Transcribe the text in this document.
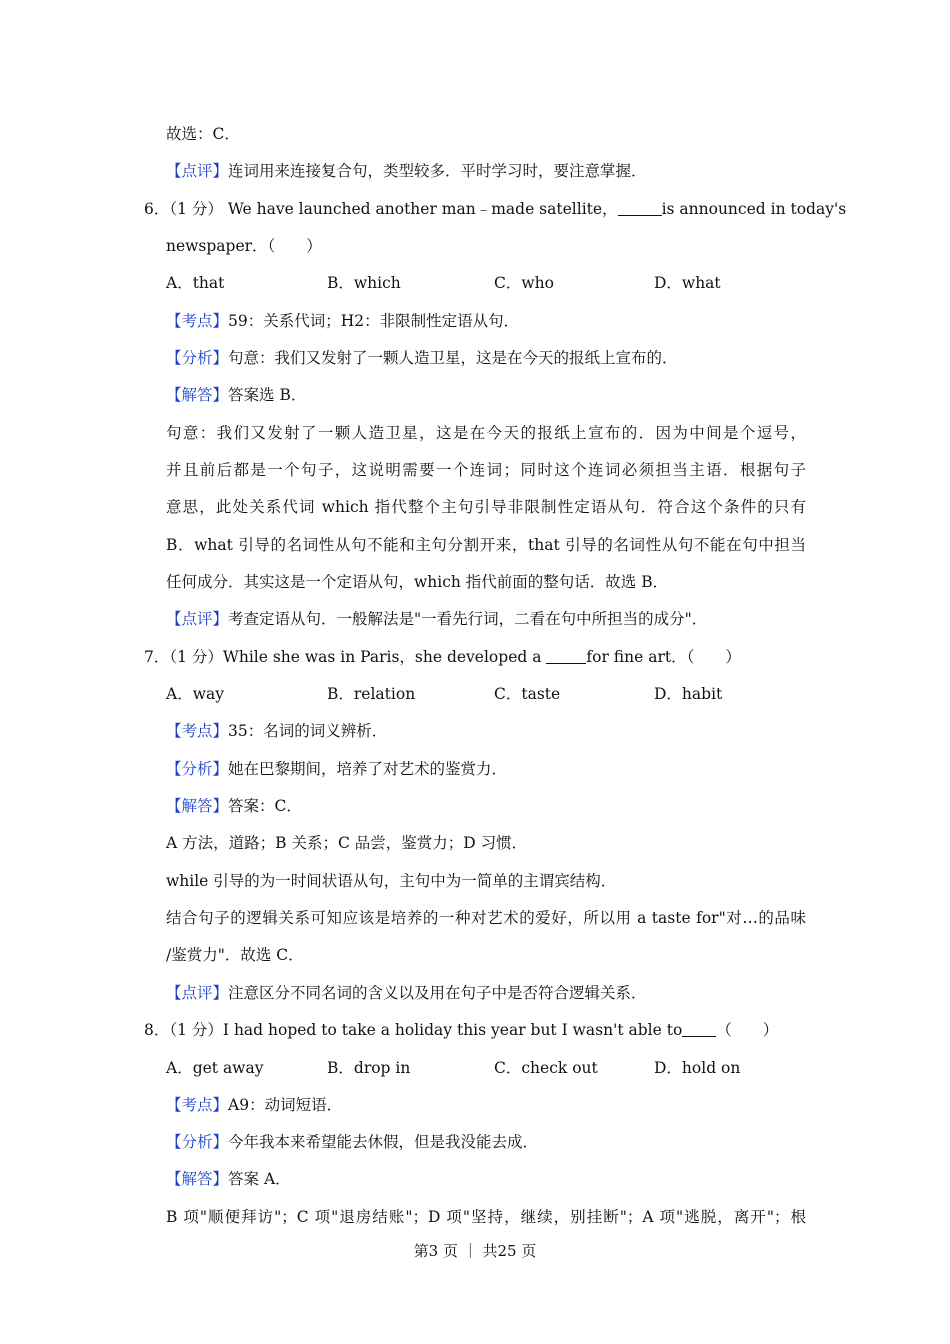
故选：C．
【点评】连词用来连接复合句，类型较多．平时学习时，要注意掌握．
6．（1 分） We have launched another man﹣made satellite，	is announced in today's
newspaper．（　　）
A．that	B．which	C．who	D．what
【考点】59：关系代词；H2：非限制性定语从句．
【分析】句意：我们又发射了一颗人造卫星，这是在今天的报纸上宣布的．
【解答】答案选 B．
句意：我们又发射了一颗人造卫星，这是在今天的报纸上宣布的．因为中间是个逗号，
并且前后都是一个句子，这说明需要一个连词；同时这个连词必须担当主语．根据句子
意思，此处关系代词 which 指代整个主句引导非限制性定语从句．符合这个条件的只有
B．what 引导的名词性从句不能和主句分割开来，that 引导的名词性从句不能在句中担当
任何成分．其实这是一个定语从句，which 指代前面的整句话．故选 B．
【点评】考查定语从句．一般解法是"一看先行词，二看在句中所担当的成分"．
7．（1 分）While she was in Paris，she developed a	for fine art．（　　）
A．way	B．relation	C．taste	D．habit
【考点】35：名词的词义辨析．
【分析】她在巴黎期间，培养了对艺术的鉴赏力．
【解答】答案：C．
A 方法，道路；B 关系；C 品尝，鉴赏力；D 习惯．
while 引导的为一时间状语从句，主句中为一简单的主谓宾结构．
结合句子的逻辑关系可知应该是培养的一种对艺术的爱好，所以用 a taste for"对…的品味
/鉴赏力"．故选 C．
【点评】注意区分不同名词的含义以及用在句子中是否符合逻辑关系．
8．（1 分）I had hoped to take a holiday this year but I wasn't able to （　　）
A．get away	B．drop in	C．check out	D．hold on
【考点】A9：动词短语．
【分析】今年我本来希望能去休假，但是我没能去成．
【解答】答案 A．
B 项"顺便拜访"；C 项"退房结账"；D 项"坚持，继续，别挂断"；A 项"逃脱，离开"；根
第3 页 ｜ 共25 页
